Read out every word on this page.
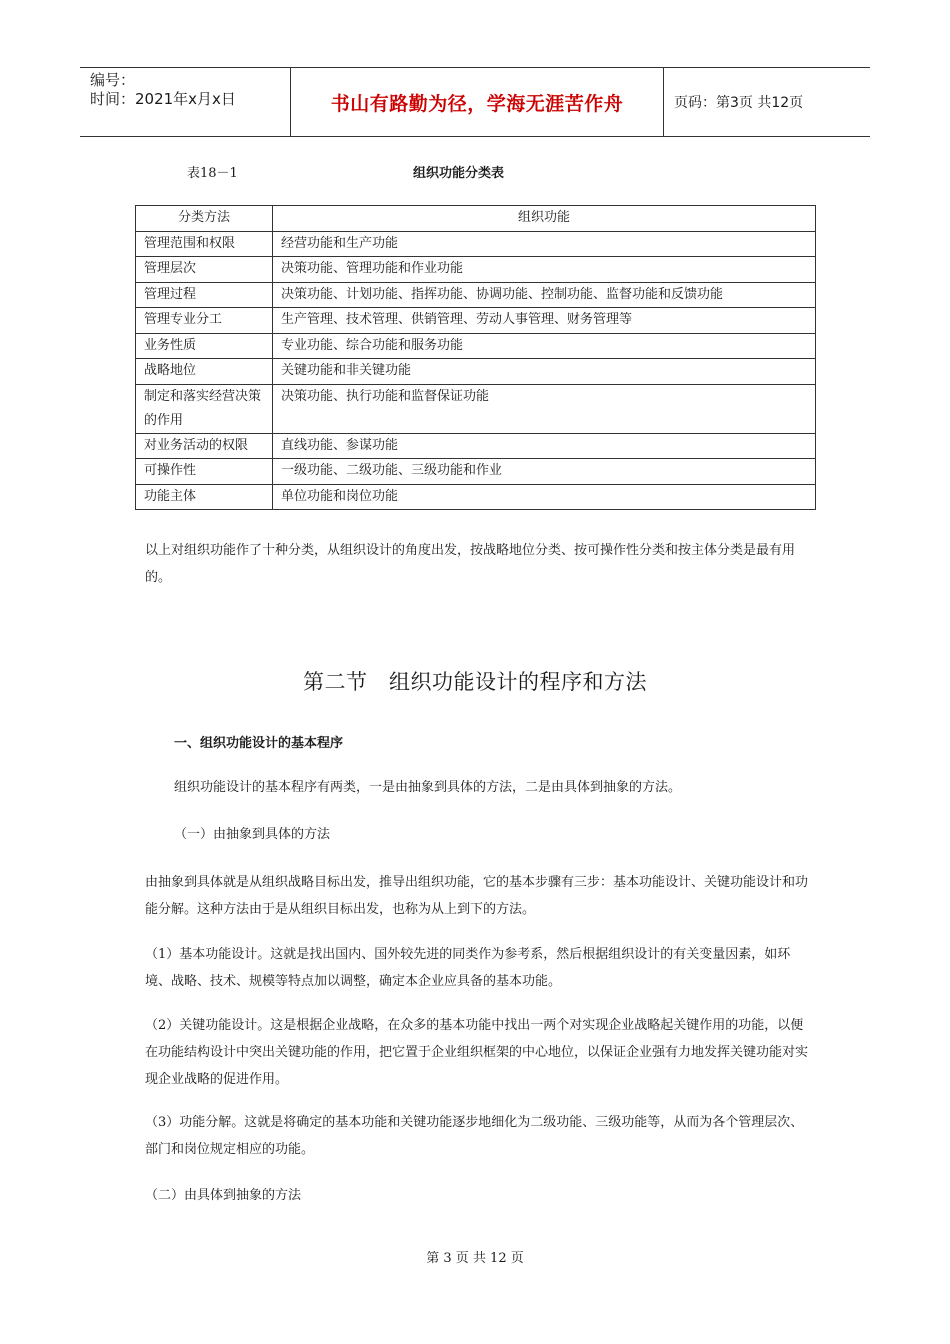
编号：
时间：2021年x月x日	书山有路勤为径，学海无涯苦作舟	页码：第3页 共12页
表18－1	组织功能分类表
分类方法	组织功能
管理范围和权限	经营功能和生产功能
管理层次	决策功能、管理功能和作业功能
管理过程	决策功能、计划功能、指挥功能、协调功能、控制功能、监督功能和反馈功能
管理专业分工	生产管理、技术管理、供销管理、劳动人事管理、财务管理等
业务性质	专业功能、综合功能和服务功能
战略地位	关键功能和非关键功能
制定和落实经营决策的作用	决策功能、执行功能和监督保证功能
对业务活动的权限	直线功能、参谋功能
可操作性	一级功能、二级功能、三级功能和作业
功能主体	单位功能和岗位功能
以上对组织功能作了十种分类，从组织设计的角度出发，按战略地位分类、按可操作性分类和按主体分类是最有用的。
第二节　组织功能设计的程序和方法
一、组织功能设计的基本程序
组织功能设计的基本程序有两类，一是由抽象到具体的方法，二是由具体到抽象的方法。
（一）由抽象到具体的方法
由抽象到具体就是从组织战略目标出发，推导出组织功能，它的基本步骤有三步：基本功能设计、关键功能设计和功能分解。这种方法由于是从组织目标出发，也称为从上到下的方法。
（1）基本功能设计。这就是找出国内、国外较先进的同类作为参考系，然后根据组织设计的有关变量因素，如环境、战略、技术、规模等特点加以调整，确定本企业应具备的基本功能。
（2）关键功能设计。这是根据企业战略，在众多的基本功能中找出一两个对实现企业战略起关键作用的功能，以便在功能结构设计中突出关键功能的作用，把它置于企业组织框架的中心地位，以保证企业强有力地发挥关键功能对实现企业战略的促进作用。
（3）功能分解。这就是将确定的基本功能和关键功能逐步地细化为二级功能、三级功能等，从而为各个管理层次、部门和岗位规定相应的功能。
（二）由具体到抽象的方法
第 3 页 共 12 页
